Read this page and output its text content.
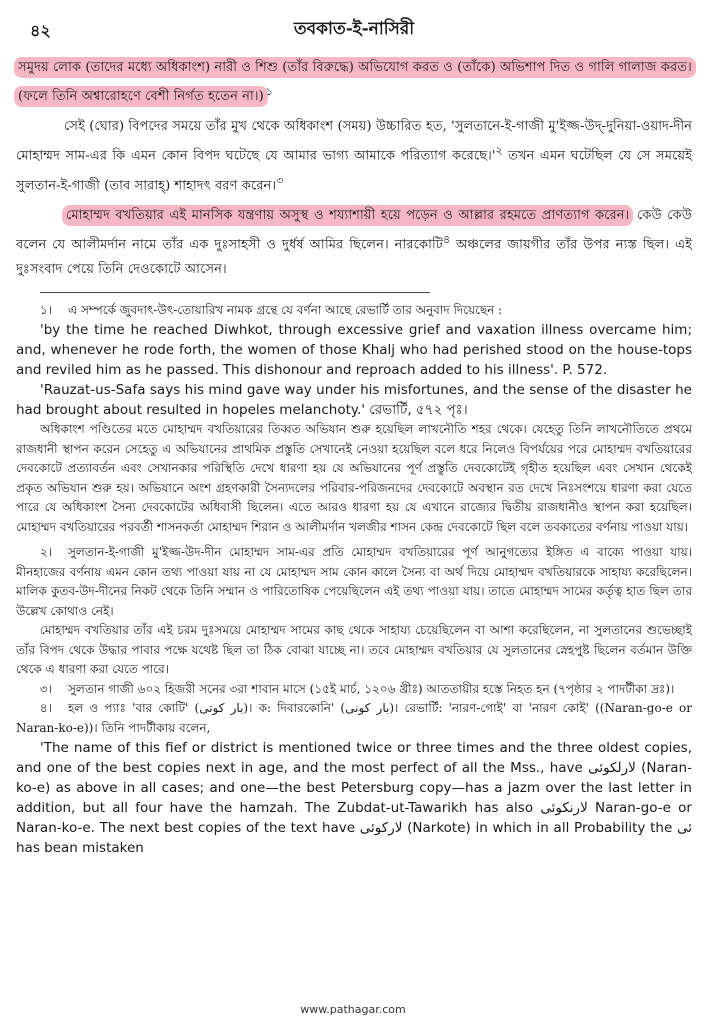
৪২	তবকাত-ই-নাসিরী

সমুদয় লোক (তাদের মধ্যে অধিকাংশ) নারী ও শিশু (তাঁর বিরুদ্ধে) অভিযোগ করত ও (তাঁকে) অভিশাপ দিত ও গালি গালাজ করত। (ফলে তিনি অশ্বারোহণে বেশী নির্গত হতেন না।) $^১$

সেই (ঘোর) বিপদের সময়ে তাঁর মুখ থেকে অধিকাংশ (সময়) উচ্চারিত হত, 'সুলতানে-ই-গাজী মু'ইজ্জ-উদ্-দুনিয়া-ওয়াদ-দীন মোহাম্মদ সাম-এর কি এমন কোন বিপদ ঘটেছে যে আমার ভাগ্য আমাকে পরিত্যাগ $করেছে।'^২$ তখন এমন ঘটেছিল যে সে সময়েই সুলতান-ই-গাজী (তাব সারাহ্) শাহাদৎ বরণ করেন।$^৩$

মোহাম্মদ বখতিয়ার এই মানসিক যন্ত্রণায় অসুস্থ ও শয্যাশায়ী হয়ে পড়েন ও আল্লার রহমতে প্রাণত্যাগ করেন। কেউ কেউ বলেন যে আলীমর্দান নামে তাঁর এক দুঃসাহসী ও দুর্ধর্ষ আমির ছিলেন। নারকোটি$^৪$ অঞ্চলের জায়গীর তাঁর উপর ন্যস্ত ছিল। এই দুঃসংবাদ পেয়ে তিনি দেওকোটে আসেন।

১। এ সম্পর্কে জুবদাৎ-উৎ-তোয়ারিখ নামক গ্রন্থে যে বর্ণনা আছে রেভার্টি তার অনুবাদ দিয়েছেন :

'by the time he reached Diwhkot, through excessive grief and vaxation illness overcame him; and, whenever he rode forth, the women of those Khalj who had perished stood on the house-tops and reviled him as he passed. This dishonour and reproach added to his illness'. P. 572.

'Rauzat-us-Safa says his mind gave way under his misfortunes, and the sense of the disaster he had brought about resulted in hopeles melanchoty.' রেভার্টি, ৫৭২ পৃঃ।

অধিকাংশ পণ্ডিতের মতে মোহাম্মদ বখতিয়ারের তিব্বত অভিযান শুরু হয়েছিল লাখনৌতি শহর থেকে। যেহেতু তিনি লাখনৌতিতে প্রথমে রাজধানী স্থাপন করেন সেহেতু এ অভিযানের প্রাথমিক প্রস্তুতি সেখানেই নেওয়া হয়েছিল বলে ধরে নিলেও বিপর্যয়ের পরে মোহাম্মদ বখতিয়ারের দেবকোটে প্রত্যাবর্তন এবং সেখানকার পরিস্থিতি দেখে ধারণা হয় যে অভিযানের পূর্ণ প্রস্তুতি দেবকোটেই গৃহীত হয়েছিল এবং সেখান থেকেই প্রকৃত অভিযান শুরু হয়। অভিযানে অংশ গ্রহণকারী সৈন্যদলের পরিবার-পরিজনদের দেবকোটে অবস্থান রত দেখে নিঃসংশয়ে ধারণা করা যেতে পারে যে অধিকাংশ সৈন্য দেবকোটের অধিবাসী ছিলেন। এতে আরও ধারণা হয় যে এখানে রাজ্যের দ্বিতীয় রাজধানীও স্থাপন করা হয়েছিল। মোহাম্মদ বখতিয়ারের পরবর্তী শাসনকর্তা মোহাম্মদ শিরান ও আলীমর্দান খলজীর শাসন কেন্দ্র দেবকোটে ছিল বলে তবকাতের বর্ণনায় পাওয়া যায়।

২। সুলতান-ই-গাজী মু'ইজ্জ-উদ-দীন মোহাম্মদ সাম-এর প্রতি মোহাম্মদ বখতিয়ারের পূর্ণ আনুগত্যের ইঙ্গিত এ বাক্যে পাওয়া যায়। মীনহাজের বর্ণনায় এমন কোন তথ্য পাওয়া যায় না যে মোহাম্মদ সাম কোন কালে সৈন্য বা অর্থ দিয়ে মোহাম্মদ বখতিয়ারকে সাহায্য করেছিলেন। মালিক কুতব-উদ-দীনের নিকট থেকে তিনি সম্মান ও পারিতোষিক পেয়েছিলেন এই তথ্য পাওয়া যায়। তাতে মোহাম্মদ সামের কর্তৃত্ব হাত ছিল তার উল্লেখ কোথাও নেই।

মোহাম্মদ বখতিয়ার তাঁর এই চরম দুঃসময়ে মোহাম্মদ সামের কাছ থেকে সাহায্য চেয়েছিলেন বা আশা করেছিলেন, না সুলতানের শুভেচ্ছাই তাঁর বিপদ থেকে উদ্ধার পাবার পক্ষে যথেষ্ট ছিল তা ঠিক বোঝা যাচ্ছে না। তবে মোহাম্মদ বখতিয়ার যে সুলতানের স্নেহপুষ্ট ছিলেন বর্তমান উক্তি থেকে এ ধারণা করা যেতে পারে।

৩। সুলতান গাজী ৬০২ হিজরী সনের ৩রা শাবান মাসে (১৫ই মার্চ, ১২০৬ খ্রীঃ) আততায়ীর হস্তে নিহত হন (৭পৃষ্ঠার ২ পাদটীকা দ্রঃ)।

৪। হল ও প্যাঃ 'বার কোটি' (بار كوتى)। ক: দিবারকোনি' (بار كونى)। রেভার্টি: 'নারণ-গোই' বা 'নারণ কোই' ((Naran-go-e or Naran-ko-e))। তিনি পাদটীকায় বলেন,

'The name of this fief or district is mentioned twice or three times and the three oldest copies, and one of the best copies next in age, and the most perfect of all the Mss., have لارلكوئى (Naran-ko-e) as above in all cases; and one—the best Petersburg copy—has a jazm over the last letter in addition, but all four have the hamzah. The Zubdat-ut-Tawarikh has also لارنكوئى Naran-go-e or Naran-ko-e. The next best copies of the text have لاركوئى (Narkote) in which in all Probability the ئى has bean mistaken

www.pathagar.com
